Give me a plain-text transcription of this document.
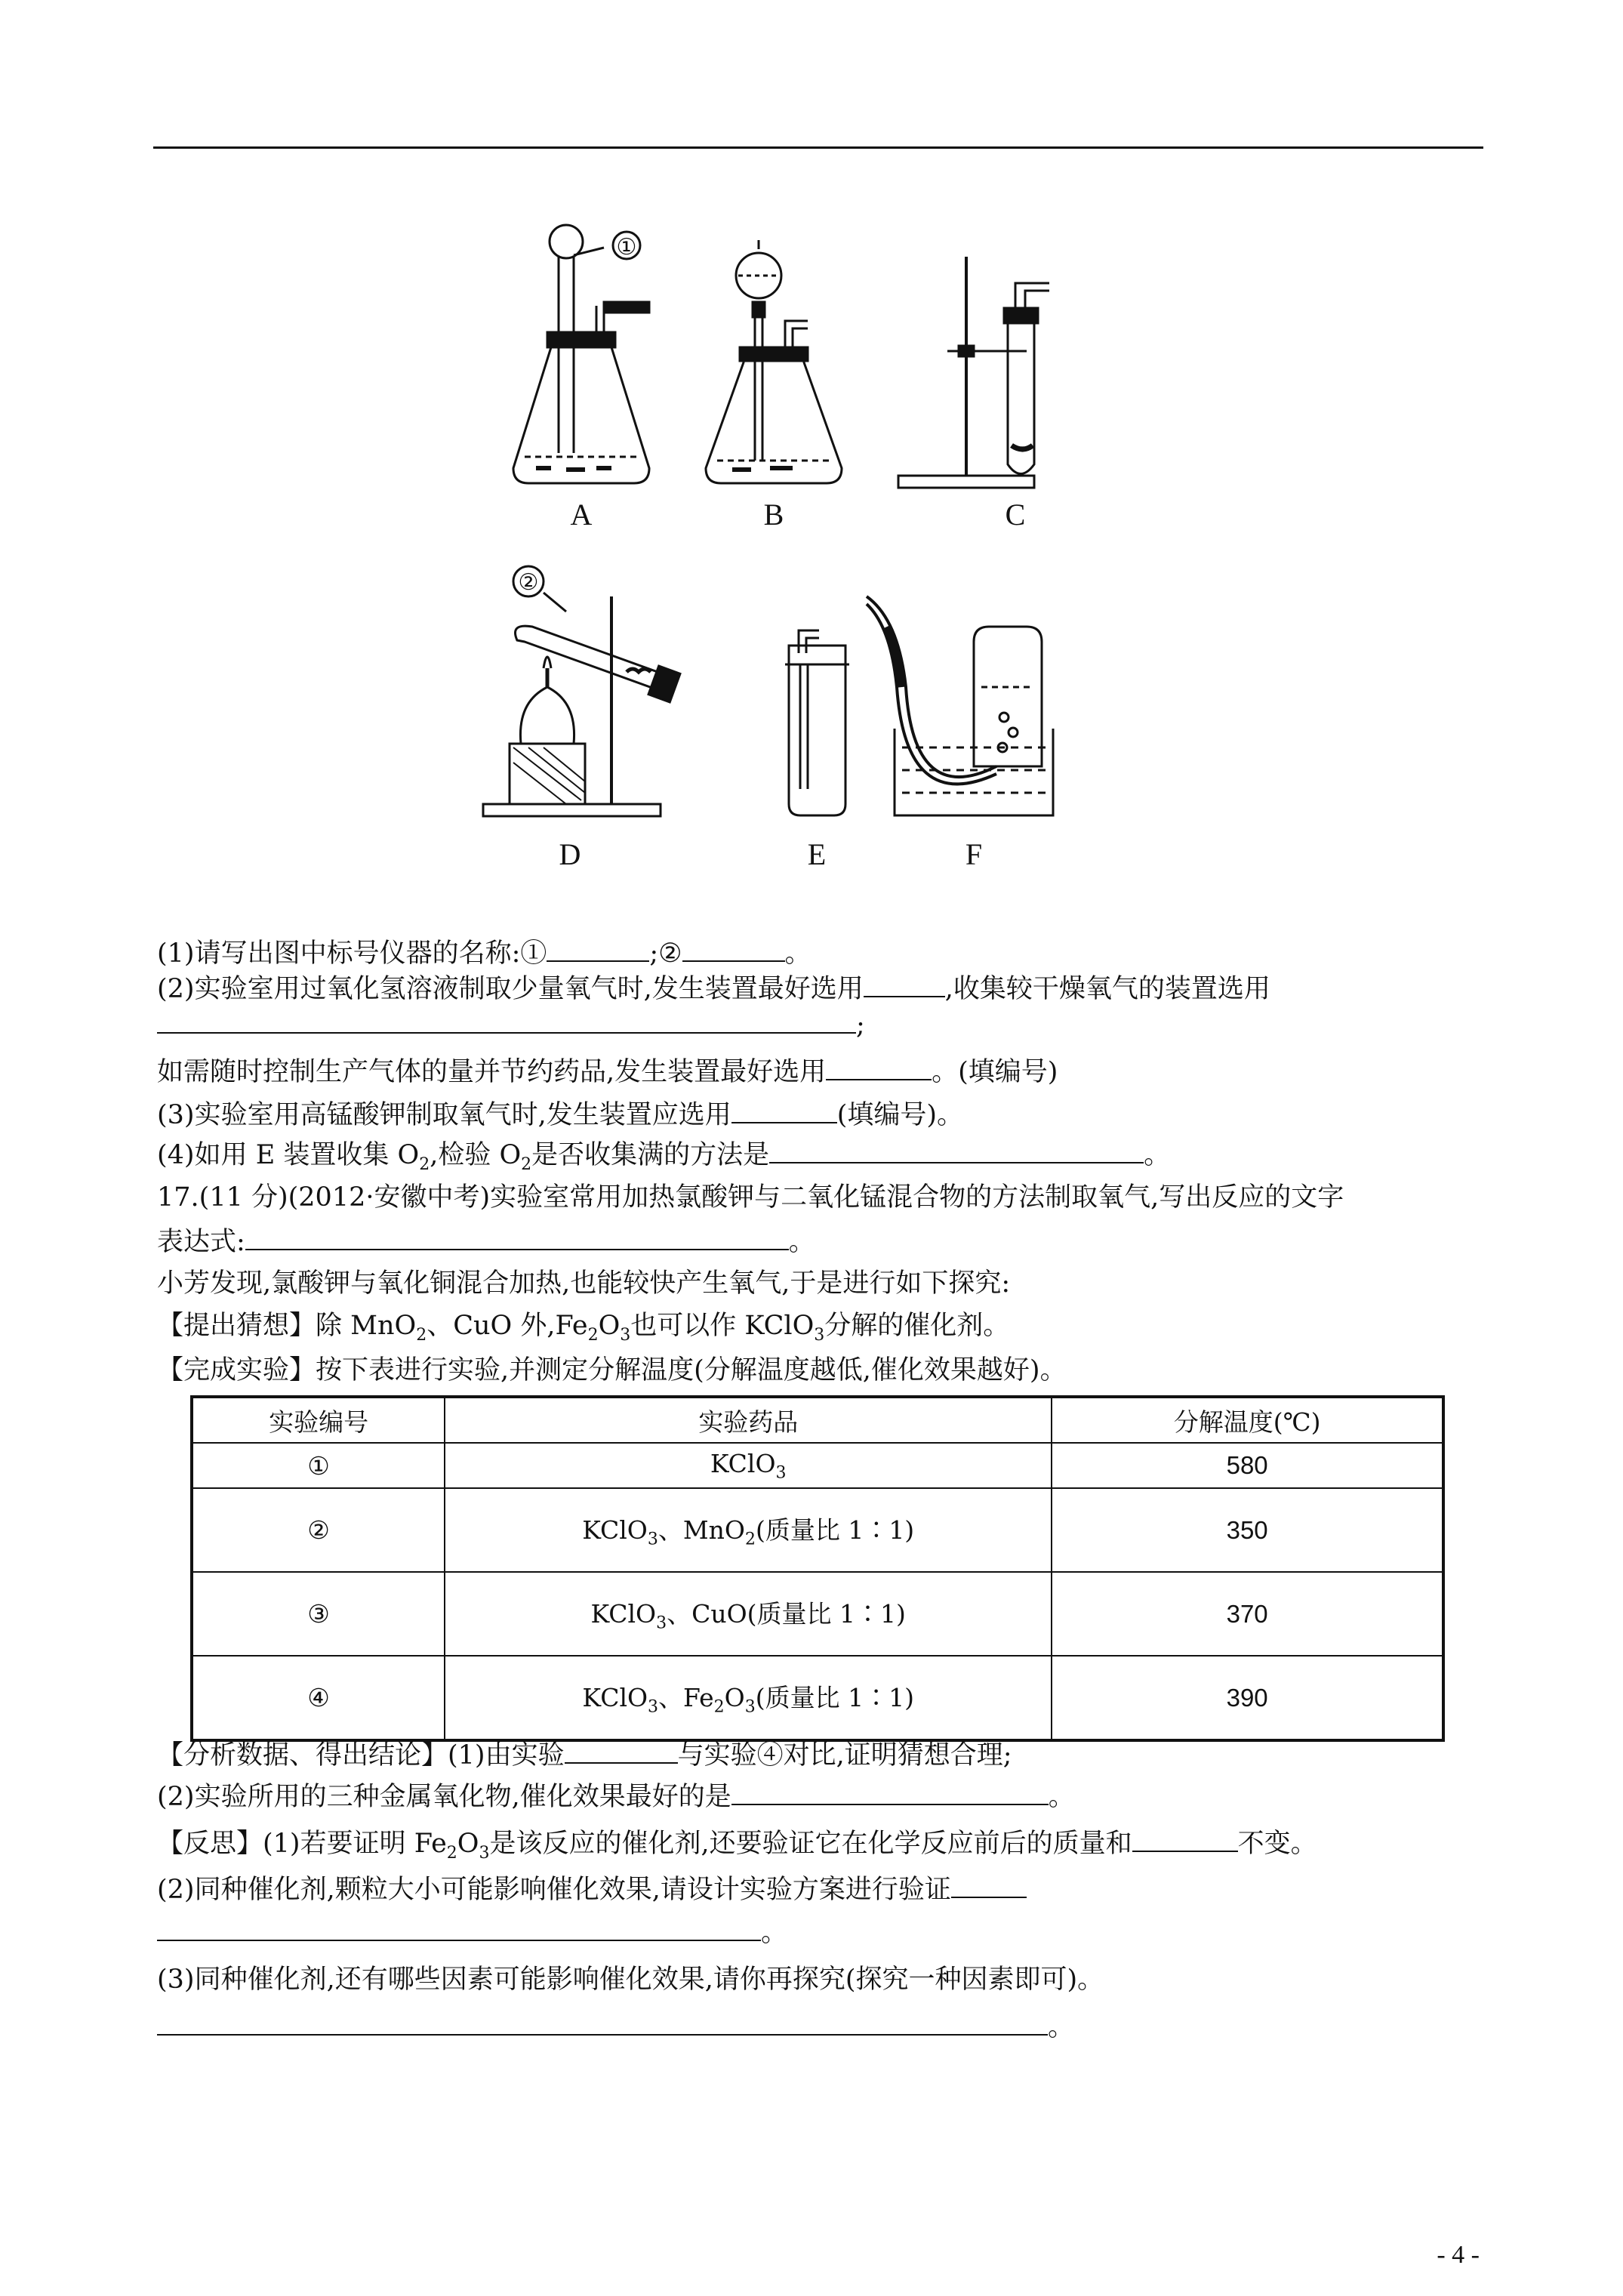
①
A	B	C
②
D	E	F
(1)请写出图中标号仪器的名称:①	;②	。
(2)实验室用过氧化氢溶液制取少量氧气时,发生装置最好选用	,收集较干燥氧气的装置选用
;
如需随时控制生产气体的量并节约药品,发生装置最好选用	。(填编号)
(3)实验室用高锰酸钾制取氧气时,发生装置应选用	(填编号)。
(4)如用 E 装置收集 $O_2$,检验 $O_2$是否收集满的方法是	。
17.(11 分)(2012·安徽中考)实验室常用加热氯酸钾与二氧化锰混合物的方法制取氧气,写出反应的文字
表达式:	。
小芳发现,氯酸钾与氧化铜混合加热,也能较快产生氧气,于是进行如下探究:
【提出猜想】除 MnO$_2$、CuO 外$,Fe_2O_3$也可以作 KClO$_3$分解的催化剂。
【完成实验】按下表进行实验,并测定分解温度(分解温度越低,催化效果越好)。
实验编号	实验药品	分解温度(℃)
①	KClO$_3$	580
②	KClO$_3$、MnO$_2$(质量比 1∶1)	350
③	KClO$_3$、CuO(质量比 1∶1)	370
④	KClO$_3$、$Fe_2O_3$(质量比 1∶1)	390
【分析数据、得出结论】(1)由实验	与实验④对比,证明猜想合理;
(2)实验所用的三种金属氧化物,催化效果最好的是	。
【反思】(1)若要证明 $Fe_2O_3$是该反应的催化剂,还要验证它在化学反应前后的质量和	不变。
(2)同种催化剂,颗粒大小可能影响催化效果,请设计实验方案进行验证
。
(3)同种催化剂,还有哪些因素可能影响催化效果,请你再探究(探究一种因素即可)。
。
- 4 -
